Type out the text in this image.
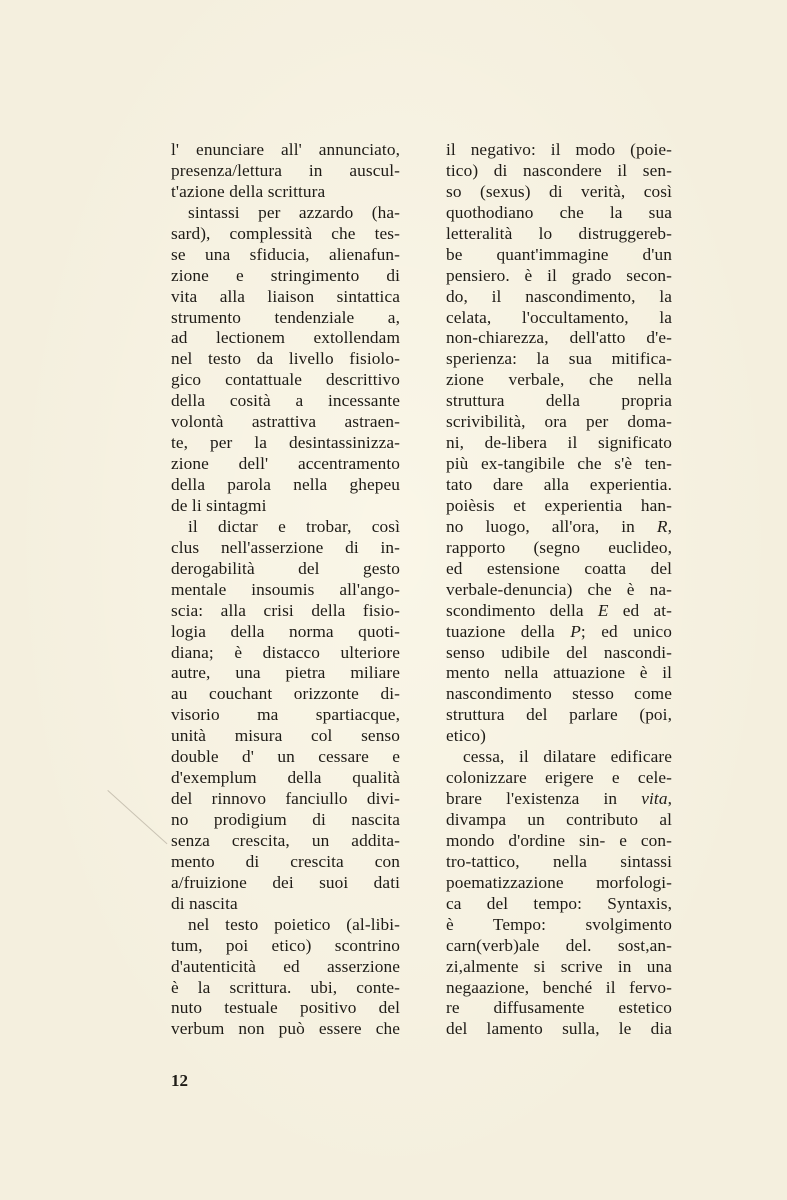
l' enunciare all' annunciato,
presenza/lettura in auscul-
t'azione della scrittura
sintassi per azzardo (ha-
sard), complessità che tes-
se una sfiducia, alienafun-
zione e stringimento di
vita alla liaison sintattica
strumento tendenziale a,
ad lectionem extollendam
nel testo da livello fisiolo-
gico contattuale descrittivo
della cosità a incessante
volontà astrattiva astraen-
te, per la desintassinizza-
zione dell' accentramento
della parola nella ghepeu
de li sintagmi
il dictar e trobar, così
clus nell'asserzione di in-
derogabilità del gesto
mentale insoumis all'ango-
scia: alla crisi della fisio-
logia della norma quoti-
diana; è distacco ulteriore
autre, una pietra miliare
au couchant orizzonte di-
visorio ma spartiacque,
unità misura col senso
double d' un cessare e
d'exemplum della qualità
del rinnovo fanciullo divi-
no prodigium di nascita
senza crescita, un addita-
mento di crescita con
a/fruizione dei suoi dati
di nascita
nel testo poietico (al-libi-
tum, poi etico) scontrino
d'autenticità ed asserzione
è la scrittura. ubi, conte-
nuto testuale positivo del
verbum non può essere che
il negativo: il modo (poie-
tico) di nascondere il sen-
so (sexus) di verità, così
quothodiano che la sua
letteralità lo distruggereb-
be quant'immagine d'un
pensiero. è il grado secon-
do, il nascondimento, la
celata, l'occultamento, la
non-chiarezza, dell'atto d'e-
sperienza: la sua mitifica-
zione verbale, che nella
struttura della propria
scrivibilità, ora per doma-
ni, de-libera il significato
più ex-tangibile che s'è ten-
tato dare alla experientia.
poièsis et experientia han-
no luogo, all'ora, in R,
rapporto (segno euclideo,
ed estensione coatta del
verbale-denuncia) che è na-
scondimento della E ed at-
tuazione della P; ed unico
senso udibile del nascondi-
mento nella attuazione è il
nascondimento stesso come
struttura del parlare (poi,
etico)
cessa, il dilatare edificare
colonizzare erigere e cele-
brare l'existenza in vita,
divampa un contributo al
mondo d'ordine sin- e con-
tro-tattico, nella sintassi
poematizzazione morfologi-
ca del tempo: Syntaxis,
è Tempo: svolgimento
carn(verb)ale del. sost,an-
zi,almente si scrive in una
negaazione, benché il fervo-
re diffusamente estetico
del lamento sulla, le dia
12
